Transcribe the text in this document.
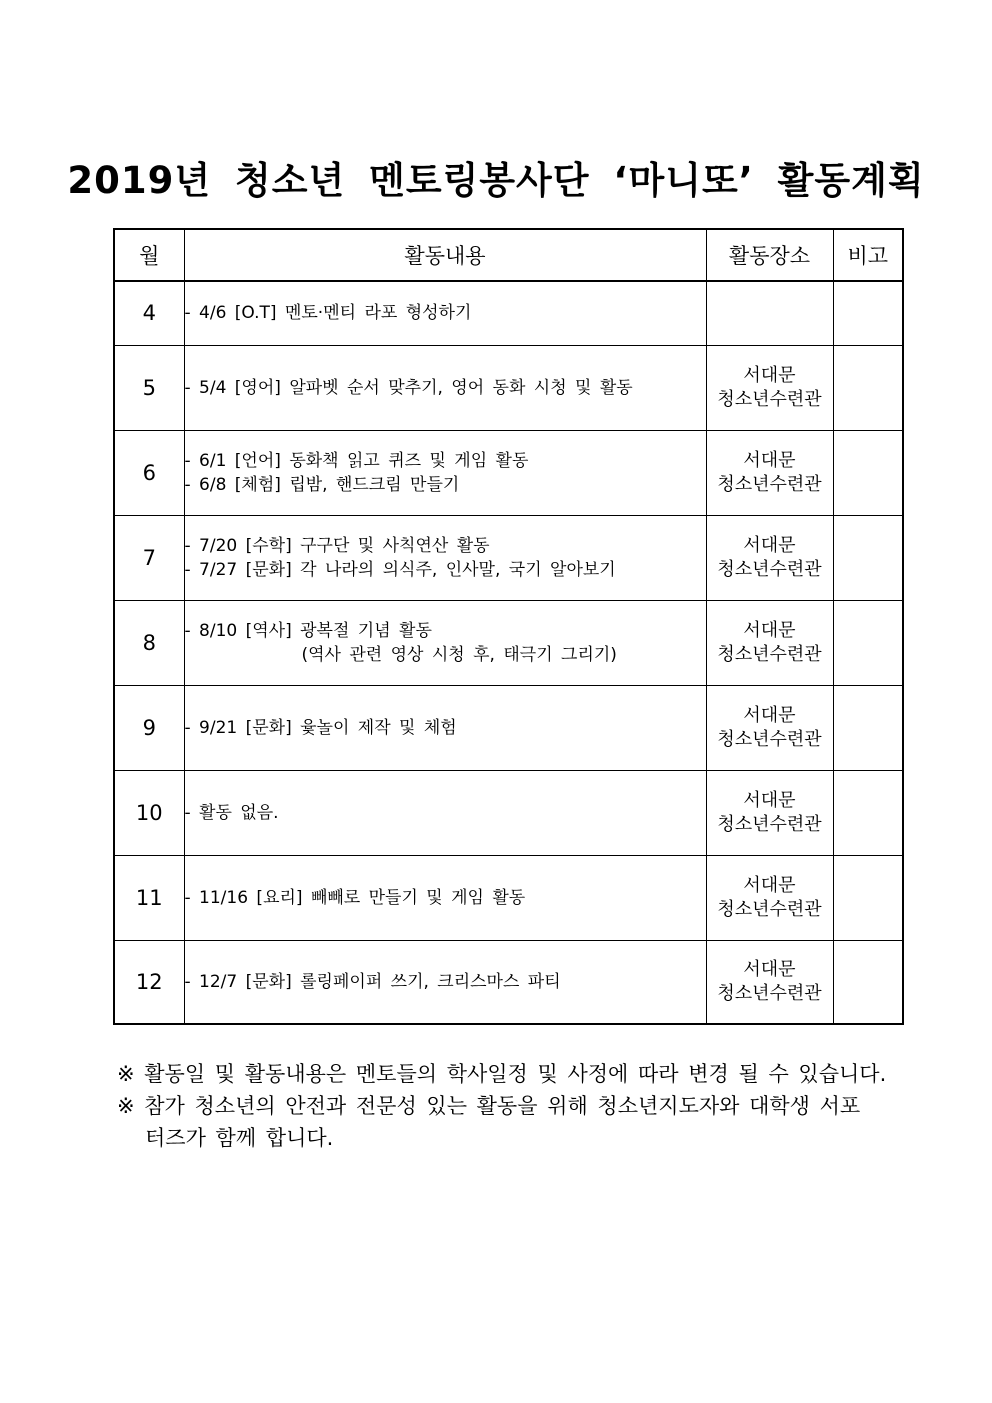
2019년 청소년 멘토링봉사단 ‘마니또’ 활동계획
월	활동내용	활동장소	비고
4	- 4/6 [O.T] 멘토·멘티 라포 형성하기		

5	- 5/4 [영어] 알파벳 순서 맞추기, 영어 동화 시청 및 활동	서대문
청소년수련관	

6	- 6/1 [언어] 동화책 읽고 퀴즈 및 게임 활동
- 6/8 [체험] 립밤, 핸드크림 만들기	서대문
청소년수련관	

7	- 7/20 [수학] 구구단 및 사칙연산 활동
- 7/27 [문화] 각 나라의 의식주, 인사말, 국기 알아보기	서대문
청소년수련관	

8	- 8/10 [역사] 광복절 기념 활동
(역사 관련 영상 시청 후, 태극기 그리기)	서대문
청소년수련관	

9	- 9/21 [문화] 윷놀이 제작 및 체험	서대문
청소년수련관	

10	- 활동 없음.	서대문
청소년수련관	

11	- 11/16 [요리] 빼빼로 만들기 및 게임 활동	서대문
청소년수련관	

12	- 12/7 [문화] 롤링페이퍼 쓰기, 크리스마스 파티	서대문
청소년수련관	

※ 활동일 및 활동내용은 멘토들의 학사일정 및 사정에 따라 변경 될 수 있습니다.

※ 참가 청소년의 안전과 전문성 있는 활동을 위해 청소년지도자와 대학생 서포
터즈가 함께 합니다.
